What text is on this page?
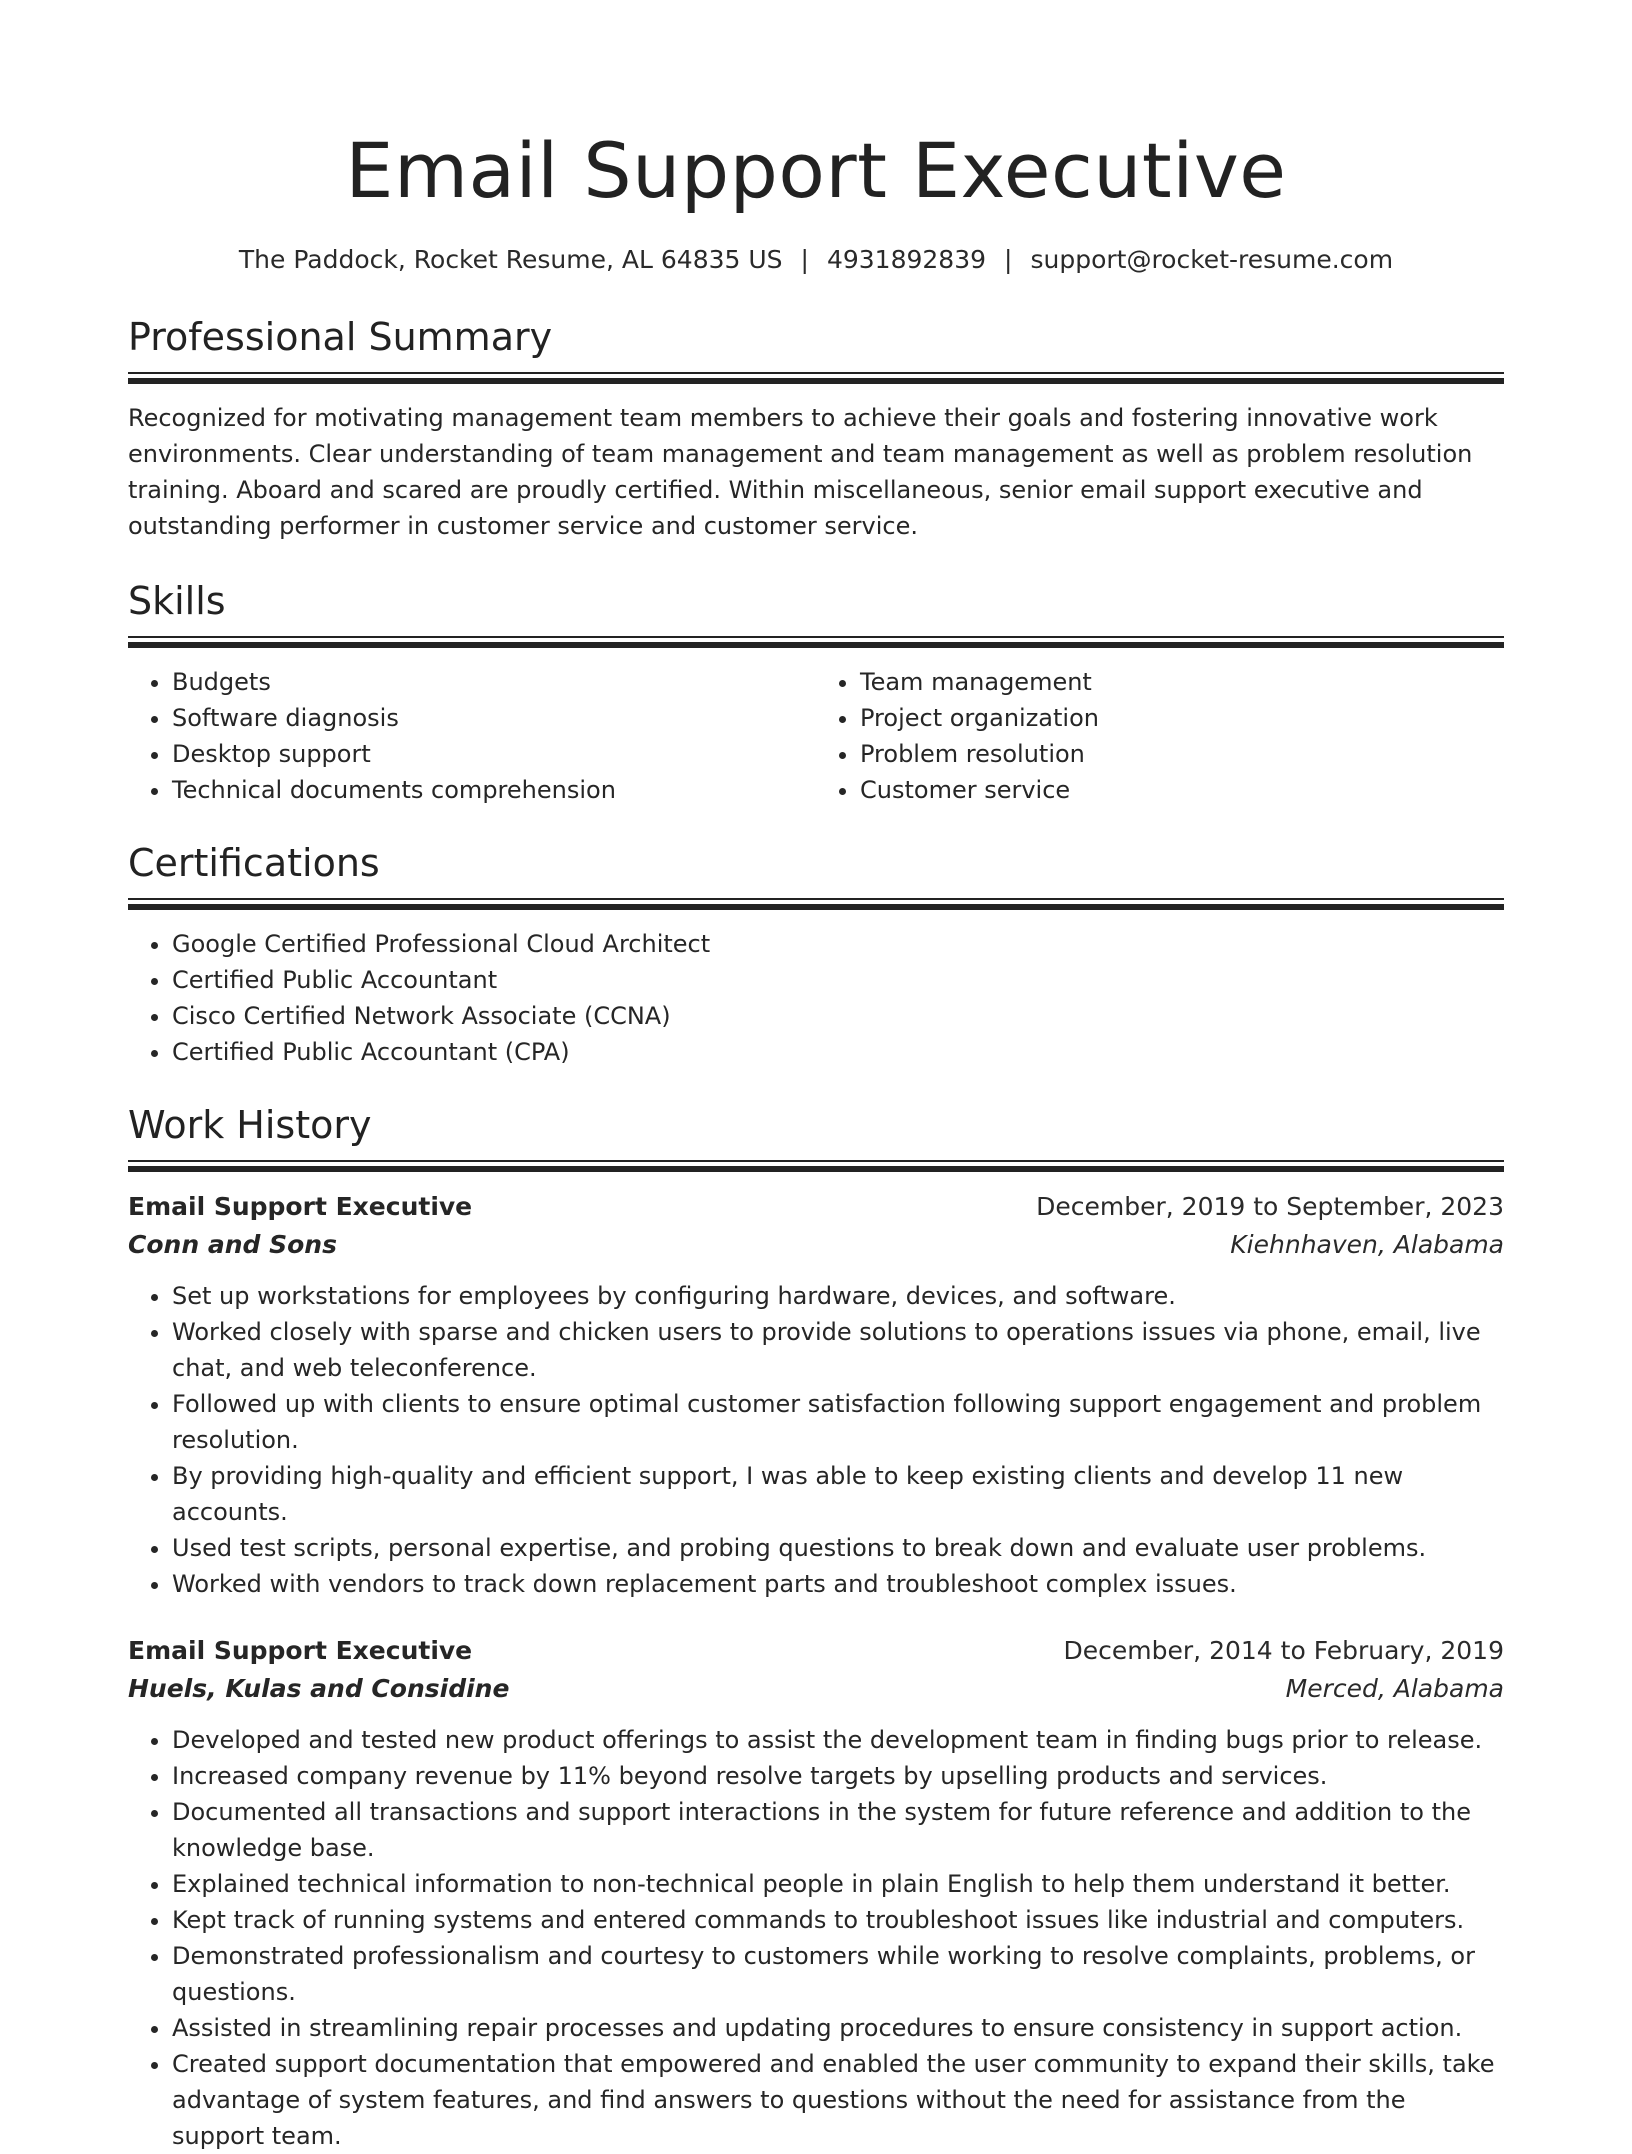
Email Support Executive
The Paddock, Rocket Resume, AL 64835 US | 4931892839 | support@rocket-resume.com
Professional Summary

Recognized for motivating management team members to achieve their goals and fostering innovative work environments. Clear understanding of team management and team management as well as problem resolution training. Aboard and scared are proudly certified. Within miscellaneous, senior email support executive and outstanding performer in customer service and customer service.

Skills
• Budgets
• Software diagnosis
• Desktop support
• Technical documents comprehension
• Team management
• Project organization
• Problem resolution
• Customer service
Certifications
• Google Certified Professional Cloud Architect
• Certified Public Accountant
• Cisco Certified Network Associate (CCNA)
• Certified Public Accountant (CPA)
Work History
Email Support Executive	December, 2019 to September, 2023
Conn and Sons	Kiehnhaven, Alabama
• Set up workstations for employees by configuring hardware, devices, and software.
• Worked closely with sparse and chicken users to provide solutions to operations issues via phone, email, live chat, and web teleconference.
• Followed up with clients to ensure optimal customer satisfaction following support engagement and problem resolution.
• By providing high-quality and efficient support, I was able to keep existing clients and develop 11 new accounts.
• Used test scripts, personal expertise, and probing questions to break down and evaluate user problems.
• Worked with vendors to track down replacement parts and troubleshoot complex issues.
Email Support Executive	December, 2014 to February, 2019
Huels, Kulas and Considine	Merced, Alabama
• Developed and tested new product offerings to assist the development team in finding bugs prior to release.
• Increased company revenue by 11% beyond resolve targets by upselling products and services.
• Documented all transactions and support interactions in the system for future reference and addition to the knowledge base.
• Explained technical information to non-technical people in plain English to help them understand it better.
• Kept track of running systems and entered commands to troubleshoot issues like industrial and computers.
• Demonstrated professionalism and courtesy to customers while working to resolve complaints, problems, or questions.
• Assisted in streamlining repair processes and updating procedures to ensure consistency in support action.
• Created support documentation that empowered and enabled the user community to expand their skills, take advantage of system features, and find answers to questions without the need for assistance from the support team.
